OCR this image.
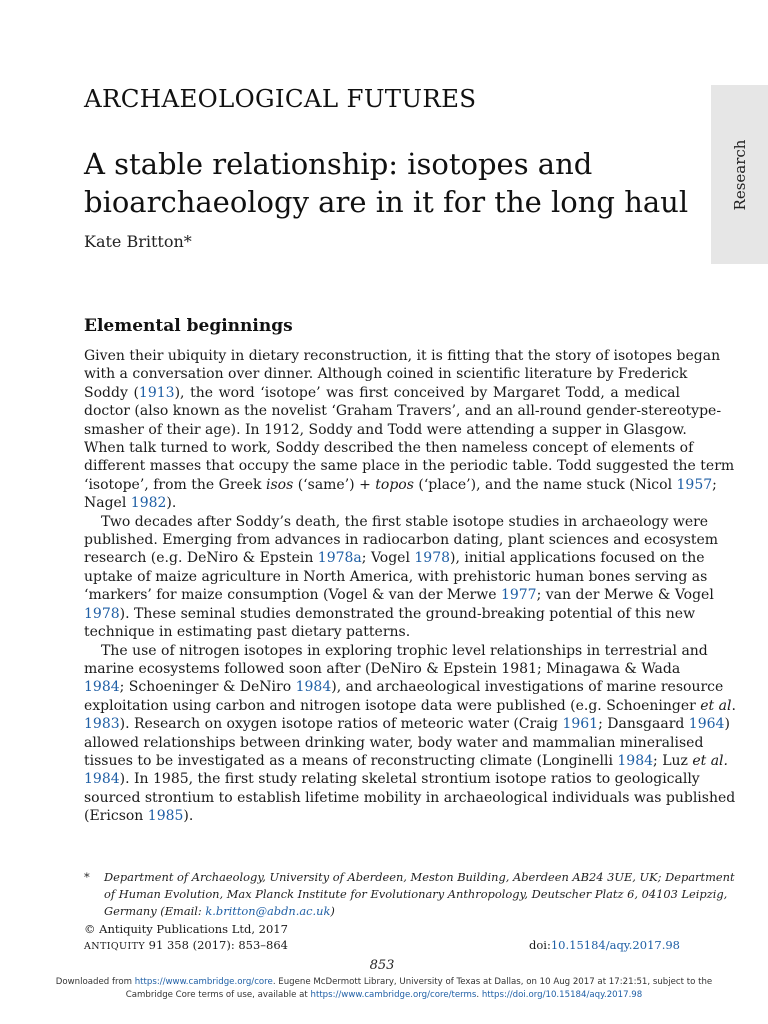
ARCHAEOLOGICAL FUTURES
A stable relationship: isotopes and
bioarchaeology are in it for the long haul
Kate Britton*
Research
Elemental beginnings
Given their ubiquity in dietary reconstruction, it is fitting that the story of isotopes began
with a conversation over dinner. Although coined in scientific literature by Frederick
Soddy (1913), the word ‘isotope’ was first conceived by Margaret Todd, a medical
doctor (also known as the novelist ‘Graham Travers’, and an all-round gender-stereotype-
smasher of their age). In 1912, Soddy and Todd were attending a supper in Glasgow.
When talk turned to work, Soddy described the then nameless concept of elements of
different masses that occupy the same place in the periodic table. Todd suggested the term
‘isotope’, from the Greek isos (‘same’) + topos (‘place’), and the name stuck (Nicol 1957;
Nagel 1982).
Two decades after Soddy’s death, the first stable isotope studies in archaeology were
published. Emerging from advances in radiocarbon dating, plant sciences and ecosystem
research (e.g. DeNiro & Epstein 1978a; Vogel 1978), initial applications focused on the
uptake of maize agriculture in North America, with prehistoric human bones serving as
‘markers’ for maize consumption (Vogel & van der Merwe 1977; van der Merwe & Vogel
1978). These seminal studies demonstrated the ground-breaking potential of this new
technique in estimating past dietary patterns.
The use of nitrogen isotopes in exploring trophic level relationships in terrestrial and
marine ecosystems followed soon after (DeNiro & Epstein 1981; Minagawa & Wada
1984; Schoeninger & DeNiro 1984), and archaeological investigations of marine resource
exploitation using carbon and nitrogen isotope data were published (e.g. Schoeninger et al.
1983). Research on oxygen isotope ratios of meteoric water (Craig 1961; Dansgaard 1964)
allowed relationships between drinking water, body water and mammalian mineralised
tissues to be investigated as a means of reconstructing climate (Longinelli 1984; Luz et al.
1984). In 1985, the first study relating skeletal strontium isotope ratios to geologically
sourced strontium to establish lifetime mobility in archaeological individuals was published
(Ericson 1985).
* Department of Archaeology, University of Aberdeen, Meston Building, Aberdeen AB24 3UE, UK; Department
of Human Evolution, Max Planck Institute for Evolutionary Anthropology, Deutscher Platz 6, 04103 Leipzig,
Germany (Email: k.britton@abdn.ac.uk)
© Antiquity Publications Ltd, 2017
ANTIQUITY 91 358 (2017): 853–864	doi:10.15184/aqy.2017.98
853
Downloaded from https://www.cambridge.org/core. Eugene McDermott Library, University of Texas at Dallas, on 10 Aug 2017 at 17:21:51, subject to the
Cambridge Core terms of use, available at https://www.cambridge.org/core/terms. https://doi.org/10.15184/aqy.2017.98
